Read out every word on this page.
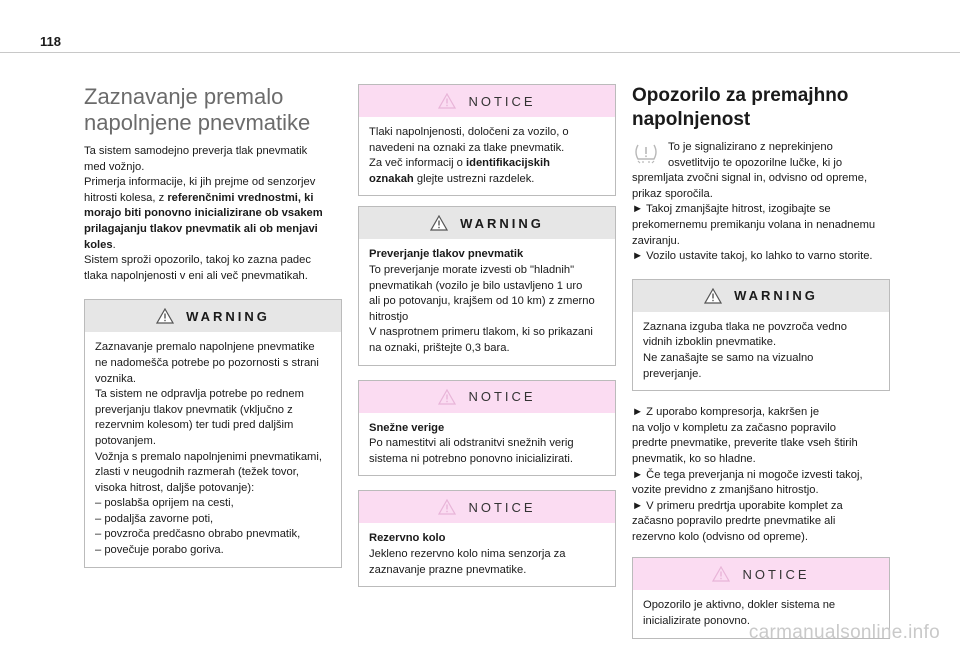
118
Zaznavanje premalo
napolnjene pnevmatike

Ta sistem samodejno preverja tlak pnevmatik
med vožnjo.
Primerja informacije, ki jih prejme od senzorjev
hitrosti kolesa, z referenčnimi vrednostmi, ki
morajo biti ponovno inicializirane ob vsakem
prilagajanju tlakov pnevmatik ali ob menjavi
koles.
Sistem sproži opozorilo, takoj ko zazna padec
tlaka napolnjenosti v eni ali več pnevmatikah.

WARNING

Zaznavanje premalo napolnjene pnevmatike
ne nadomešča potrebe po pozornosti s strani
voznika.
Ta sistem ne odpravlja potrebe po rednem
preverjanju tlakov pnevmatik (vključno z
rezervnim kolesom) ter tudi pred daljšim
potovanjem.
Vožnja s premalo napolnjenimi pnevmatikami,
zlasti v neugodnih razmerah (težek tovor,
visoka hitrost, daljše potovanje):
– poslabša oprijem na cesti,
– podaljša zavorne poti,
– povzroča predčasno obrabo pnevmatik,
– povečuje porabo goriva.

NOTICE

Tlaki napolnjenosti, določeni za vozilo, o
navedeni na oznaki za tlake pnevmatik.
Za več informacij o identifikacijskih
oznakah glejte ustrezni razdelek.

WARNING

Preverjanje tlakov pnevmatik
To preverjanje morate izvesti ob "hladnih"
pnevmatikah (vozilo je bilo ustavljeno 1 uro
ali po potovanju, krajšem od 10 km) z zmerno
hitrostjo
V nasprotnem primeru tlakom, ki so prikazani
na oznaki, prištejte 0,3 bara.

NOTICE

Snežne verige
Po namestitvi ali odstranitvi snežnih verig
sistema ni potrebno ponovno inicializirati.

NOTICE

Rezervno kolo
Jekleno rezervno kolo nima senzorja za
zaznavanje prazne pnevmatike.

Opozorilo za premajhno
napolnjenost

To je signalizirano z neprekinjeno
osvetlitvijo te opozorilne lučke, ki jo

spremljata zvočni signal in, odvisno od opreme,
prikaz sporočila.
► Takoj zmanjšajte hitrost, izogibajte se
prekomernemu premikanju volana in nenadnemu
zaviranju.
► Vozilo ustavite takoj, ko lahko to varno storite.

WARNING

Zaznana izguba tlaka ne povzroča vedno
vidnih izboklin pnevmatike.
Ne zanašajte se samo na vizualno
preverjanje.

► Z uporabo kompresorja, kakršen je
na voljo v kompletu za začasno popravilo
predrte pnevmatike, preverite tlake vseh štirih
pnevmatik, ko so hladne.
► Če tega preverjanja ni mogoče izvesti takoj,
vozite previdno z zmanjšano hitrostjo.
► V primeru predrtja uporabite komplet za
začasno popravilo predrte pnevmatike ali
rezervno kolo (odvisno od opreme).

NOTICE

Opozorilo je aktivno, dokler sistema ne
inicializirate ponovno.

carmanualsonline.info
